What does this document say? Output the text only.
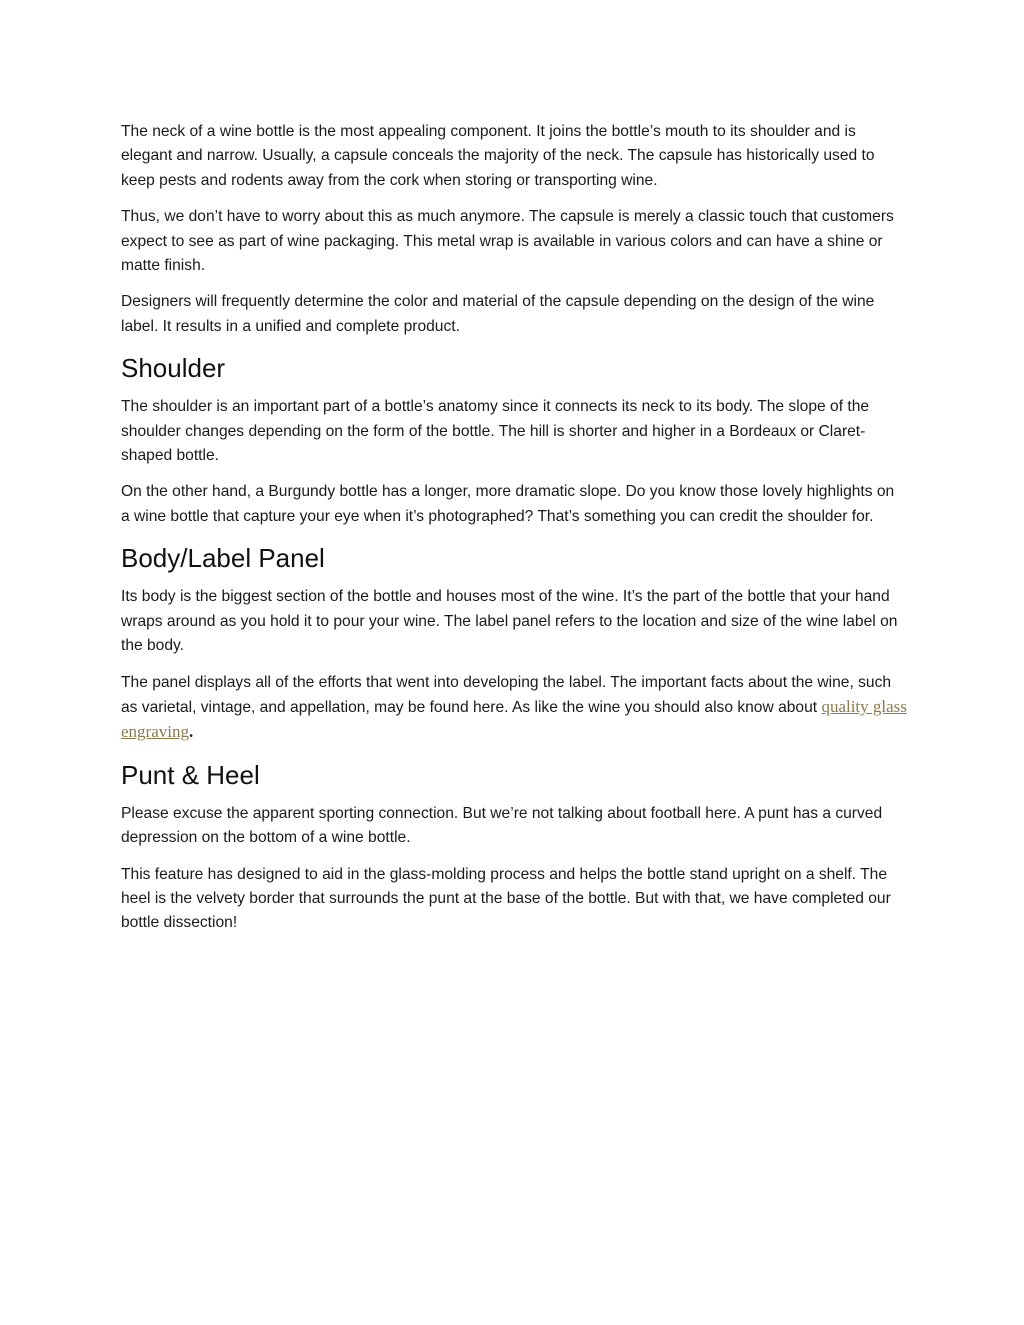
The neck of a wine bottle is the most appealing component. It joins the bottle’s mouth to its shoulder and is elegant and narrow. Usually, a capsule conceals the majority of the neck. The capsule has historically used to keep pests and rodents away from the cork when storing or transporting wine.

Thus, we don’t have to worry about this as much anymore. The capsule is merely a classic touch that customers expect to see as part of wine packaging. This metal wrap is available in various colors and can have a shine or matte finish.

Designers will frequently determine the color and material of the capsule depending on the design of the wine label. It results in a unified and complete product.

Shoulder

The shoulder is an important part of a bottle’s anatomy since it connects its neck to its body. The slope of the shoulder changes depending on the form of the bottle. The hill is shorter and higher in a Bordeaux or Claret-shaped bottle.

On the other hand, a Burgundy bottle has a longer, more dramatic slope. Do you know those lovely highlights on a wine bottle that capture your eye when it’s photographed? That’s something you can credit the shoulder for.

Body/Label Panel

Its body is the biggest section of the bottle and houses most of the wine. It’s the part of the bottle that your hand wraps around as you hold it to pour your wine. The label panel refers to the location and size of the wine label on the body.

The panel displays all of the efforts that went into developing the label. The important facts about the wine, such as varietal, vintage, and appellation, may be found here. As like the wine you should also know about quality glass engraving.

Punt & Heel

Please excuse the apparent sporting connection. But we’re not talking about football here. A punt has a curved depression on the bottom of a wine bottle.

This feature has designed to aid in the glass-molding process and helps the bottle stand upright on a shelf. The heel is the velvety border that surrounds the punt at the base of the bottle. But with that, we have completed our bottle dissection!
